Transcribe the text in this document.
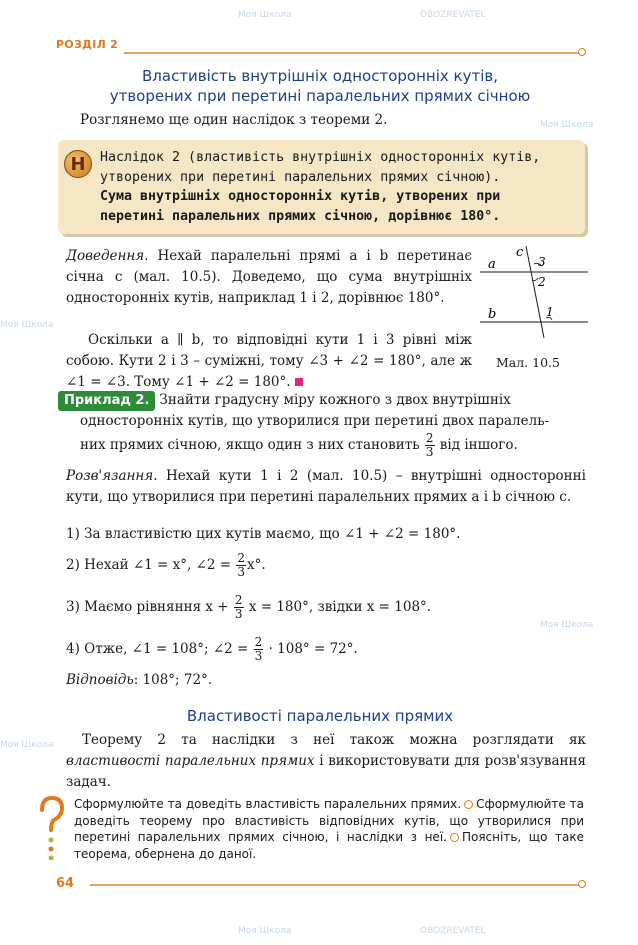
Моя Школа	OBOZREVATEL
Моя Школа
Моя Школа
Моя Школа
Моя Школа
Моя Школа	OBOZREVATEL
РОЗДІЛ 2
Властивість внутрішніх односторонніх кутів,
утворених при перетині паралельних прямих січною
Розглянемо ще один наслідок з теореми 2.
Н	Наслідок 2 (властивість внутрішніх односторонніх кутів,
утворених при перетині паралельних прямих січною).
Сума внутрішніх односторонніх кутів, утворених при
перетині паралельних прямих січною, дорівнює 180°.
Доведення. Нехай паралельні прямі a і b перетинає січна c (мал. 10.5). Доведемо, що сума внутрішніх односторонніх кутів, наприклад 1 і 2, дорівнює 180°.
Оскільки a ∥ b, то відповідні кути 1 і 3 рівні між собою. Кути 2 і 3 – суміжні, тому ∠3 + ∠2 = 180°, але ж ∠1 = ∠3. Тому ∠1 + ∠2 = 180°.
a
b
c
3
2
1
Мал. 10.5
Приклад 2. Знайти градусну міру кожного з двох внутрішніх
односторонніх кутів, що утворилися при перетині двох паралель-
них прямих січною, якщо один з них становить $\frac{2}{3}$ від іншого.
Розв'язання. Нехай кути 1 і 2 (мал. 10.5) – внутрішні односторонні кути, що утворилися при перетині паралельних прямих a і b січною c.
1) За властивістю цих кутів маємо, що ∠1 + ∠2 = 180°.
2) Нехай ∠1 = x°, ∠2 = $\frac{2}{3} x^\circ$.
3) Маємо рівняння $x + \frac{2}{3}$ x = 180°, звідки x = 108°.
4) Отже, ∠1 = 108°; ∠2 = $\frac{2}{3} \cdot 108^\circ = 72^\circ$.
Відповідь: 108°; 72°.
Властивості паралельних прямих
Теорему 2 та наслідки з неї також можна розглядати як властивості паралельних прямих і використовувати для розв'язування задач.
Сформулюйте та доведіть властивість паралельних прямих. Сформулюйте та доведіть теорему про властивість відповідних кутів, що утворилися при перетині паралельних прямих січною, і наслідки з неї. Поясніть, що таке теорема, обернена до даної.
64
